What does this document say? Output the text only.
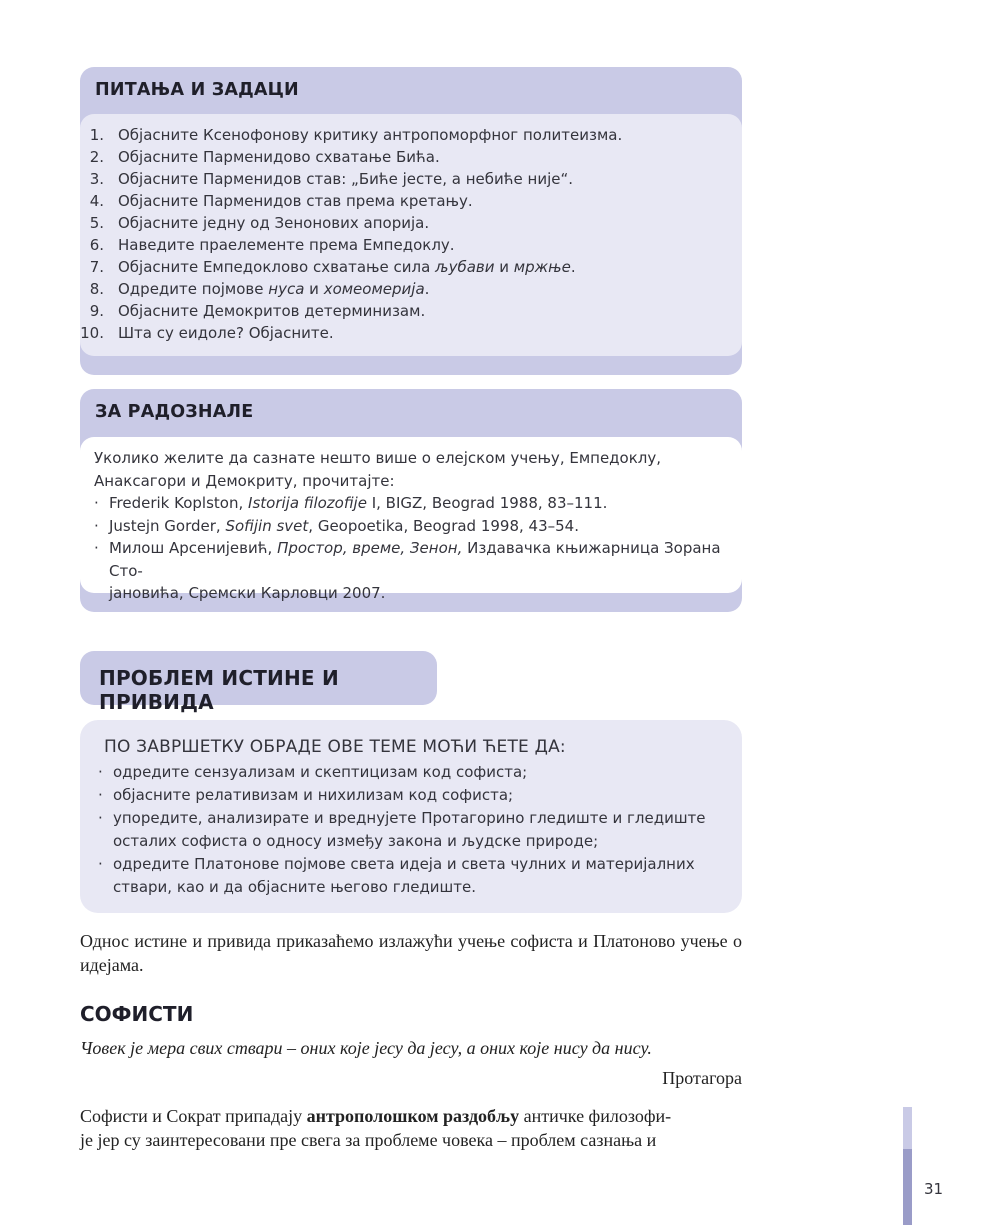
ПИТАЊА И ЗАДАЦИ
1. Објасните Ксенофонову критику антропоморфног политеизма.
2. Објасните Парменидово схватање Бића.
3. Објасните Парменидов став: „Биће јесте, а небиће није“.
4. Објасните Парменидов став према кретању.
5. Објасните једну од Зенонових апорија.
6. Наведите праелементе према Емпедоклу.
7. Објасните Емпедоклово схватање сила љубави и мржње.
8. Одредите појмове нуса и хомеомерија.
9. Објасните Демокритов детерминизам.
10. Шта су еидоле? Објасните.
ЗА РАДОЗНАЛЕ

Уколико желите да сазнате нешто више о елејском учењу, Емпедоклу, Анаксагори и Демокриту, прочитајте:

· Frederik Koplston, Istorija filozofije I, BIGZ, Beograd 1988, 83–111.
· Justejn Gorder, Sofijin svet, Geopoetika, Beograd 1998, 43–54.
· Милош Арсенијевић, Простор, време, Зенон, Издавачка књижарница Зорана Сто-
јановића, Сремски Карловци 2007.
ПРОБЛЕМ ИСТИНЕ И ПРИВИДА
ПО ЗАВРШЕТКУ ОБРАДЕ ОВЕ ТЕМЕ МОЋИ ЋЕТЕ ДА:
· одредите сензуализам и скептицизам код софиста;
· објасните релативизам и нихилизам код софиста;
· упоредите, анализирате и вреднујете Протагорино гледиште и гледиште
осталих софиста о односу између закона и људске природе;
· одредите Платонове појмове света идеја и света чулних и материјалних
ствари, као и да објасните његово гледиште.

Однос истине и привида приказаћемо излажући учење софиста и Платоново учење о идејама.

СОФИСТИ

Човек је мера свих ствари – оних које јесу да јесу, а оних које нису да нису.

Протагора

Софисти и Сократ припадају антрополошком раздобљу античке филозофи-
је јер су заинтересовани пре свега за проблеме човека – проблем сазнања и

31
